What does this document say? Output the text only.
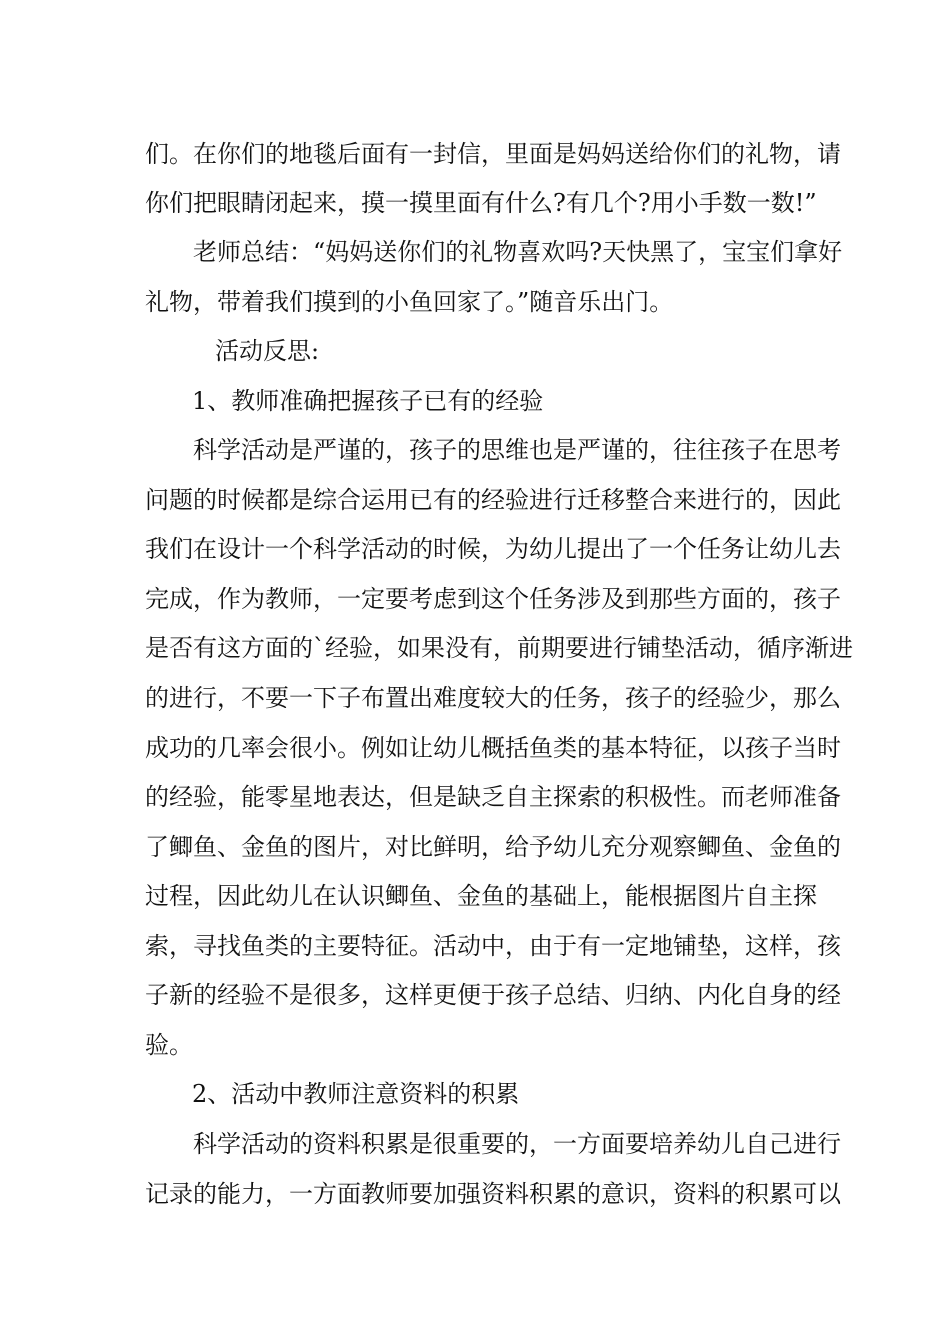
们。在你们的地毯后面有一封信，里面是妈妈送给你们的礼物，请
你们把眼睛闭起来，摸一摸里面有什么?有几个?用小手数一数!”
老师总结：“妈妈送你们的礼物喜欢吗?天快黑了，宝宝们拿好
礼物，带着我们摸到的小鱼回家了。”随音乐出门。
活动反思:
1、教师准确把握孩子已有的经验
科学活动是严谨的，孩子的思维也是严谨的，往往孩子在思考
问题的时候都是综合运用已有的经验进行迁移整合来进行的，因此
我们在设计一个科学活动的时候，为幼儿提出了一个任务让幼儿去
完成，作为教师，一定要考虑到这个任务涉及到那些方面的，孩子
是否有这方面的`经验，如果没有，前期要进行铺垫活动，循序渐进
的进行，不要一下子布置出难度较大的任务，孩子的经验少，那么
成功的几率会很小。例如让幼儿概括鱼类的基本特征，以孩子当时
的经验，能零星地表达，但是缺乏自主探索的积极性。而老师准备
了鲫鱼、金鱼的图片，对比鲜明，给予幼儿充分观察鲫鱼、金鱼的
过程，因此幼儿在认识鲫鱼、金鱼的基础上，能根据图片自主探
索，寻找鱼类的主要特征。活动中，由于有一定地铺垫，这样，孩
子新的经验不是很多，这样更便于孩子总结、归纳、内化自身的经
验。
2、活动中教师注意资料的积累
科学活动的资料积累是很重要的，一方面要培养幼儿自己进行
记录的能力，一方面教师要加强资料积累的意识，资料的积累可以
